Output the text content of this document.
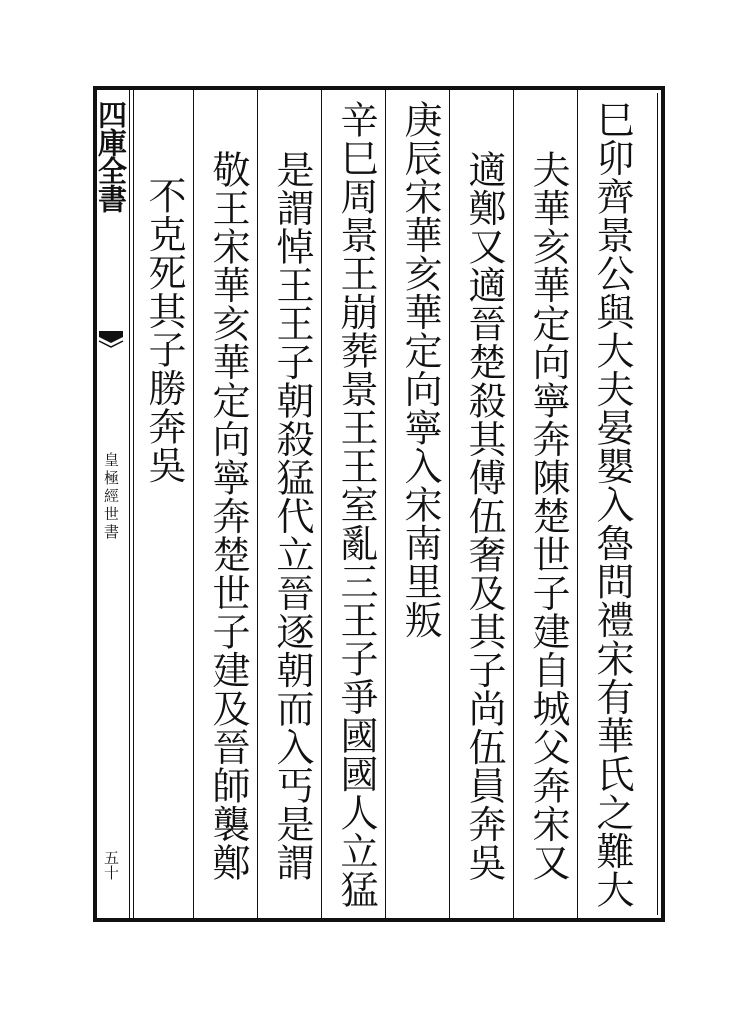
四庫全書
皇極經世書
五十	巳卯齊景公與大夫晏嬰入魯問禮宋有華氏之難大
夫華亥華定向寧奔陳楚世子建自城父奔宋又
適鄭又適晉楚殺其傅伍奢及其子尚伍員奔吳
庚辰宋華亥華定向寧入宋南里叛
辛巳周景王崩葬景王王室亂三王子爭國國人立猛
是謂悼王王子朝殺猛代立晉逐朝而入丐是謂
敬王宋華亥華定向寧奔楚世子建及晉師襲鄭
不克死其子勝奔吳
